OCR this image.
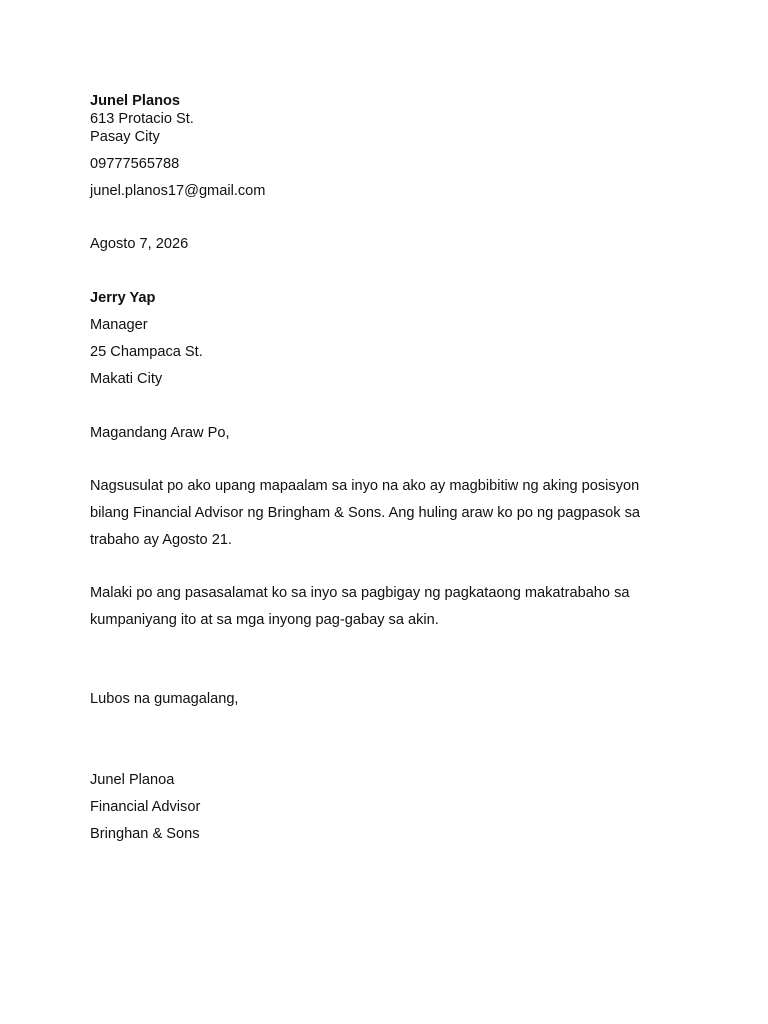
Junel Planos
613 Protacio St.
Pasay City
09777565788
junel.planos17@gmail.com
Agosto 7, 2026
Jerry Yap
Manager
25 Champaca St.
Makati City
Magandang Araw Po,
Nagsusulat po ako upang mapaalam sa inyo na ako ay magbibitiw ng aking posisyon
bilang Financial Advisor ng Bringham & Sons. Ang huling araw ko po ng pagpasok sa
trabaho ay Agosto 21.
Malaki po ang pasasalamat ko sa inyo sa pagbigay ng pagkataong makatrabaho sa
kumpaniyang ito at sa mga inyong pag-gabay sa akin.
Lubos na gumagalang,
Junel Planoa
Financial Advisor
Bringhan & Sons
